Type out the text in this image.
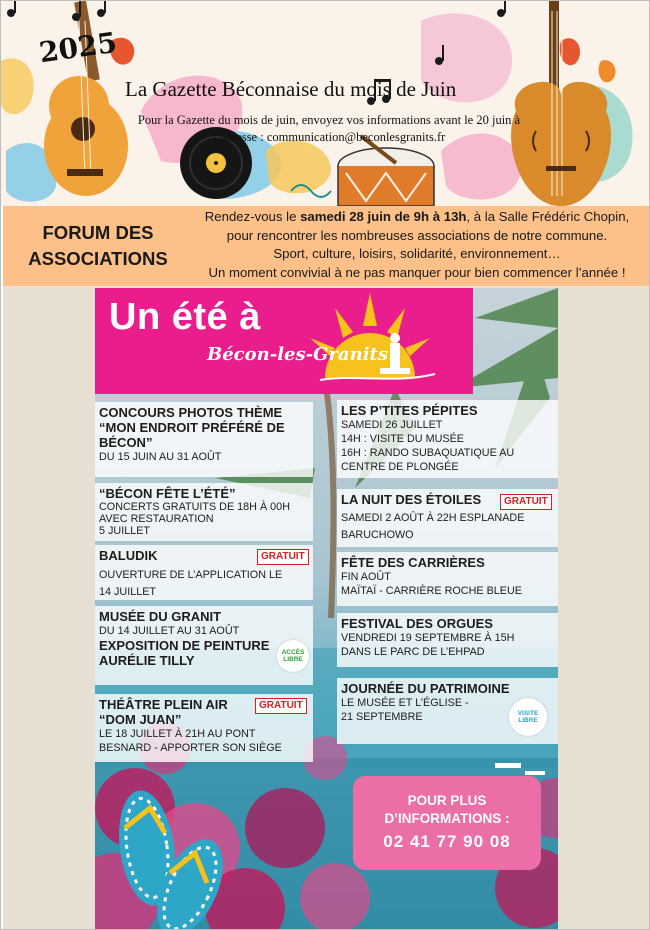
2025
La Gazette Béconnaise du mois de Juin
Pour la Gazette du mois de juin, envoyez vos informations avant le 20 juin à
l’adresse : communication@beconlesgranits.fr
FORUM DES
ASSOCIATIONS
Rendez-vous le samedi 28 juin de 9h à 13h, à la Salle Frédéric Chopin,
pour rencontrer les nombreuses associations de notre commune.
Sport, culture, loisirs, solidarité, environnement…
Un moment convivial à ne pas manquer pour bien commencer l’année !
Un été à
Bécon-les-Granits
CONCOURS PHOTOS THÈME “MON ENDROIT PRÉFÉRÉ DE BÉCON”
DU 15 JUIN AU 31 AOÛT
“BÉCON FÊTE L’ÉTÉ”
CONCERTS GRATUITS DE 18H À 00H
AVEC RESTAURATION
5 JUILLET
BALUDIK	GRATUIT
OUVERTURE DE L’APPLICATION LE
14 JUILLET
MUSÉE DU GRANIT
DU 14 JUILLET AU 31 AOÛT
EXPOSITION DE PEINTURE AURÉLIE TILLY
ACCÈS LIBRE
THÉÂTRE PLEIN AIR
“DOM JUAN”
GRATUIT
LE 18 JUILLET À 21H AU PONT
BESNARD - APPORTER SON SIÈGE
LES P’TITES PÉPITES
SAMEDI 26 JUILLET
14H : VISITE DU MUSÉE
16H : RANDO SUBAQUATIQUE AU
CENTRE DE PLONGÉE
LA NUIT DES ÉTOILES	GRATUIT
SAMEDI 2 AOÛT À 22H ESPLANADE
BARUCHOWO
FÊTE DES CARRIÈRES
FIN AOÛT
MAÏTAÏ - CARRIÈRE ROCHE BLEUE
FESTIVAL DES ORGUES
VENDREDI 19 SEPTEMBRE À 15H
DANS LE PARC DE L’EHPAD
JOURNÉE DU PATRIMOINE
LE MUSÉE ET L’ÉGLISE -
21 SEPTEMBRE	VISITE LIBRE
POUR PLUS
D’INFORMATIONS :
02 41 77 90 08
